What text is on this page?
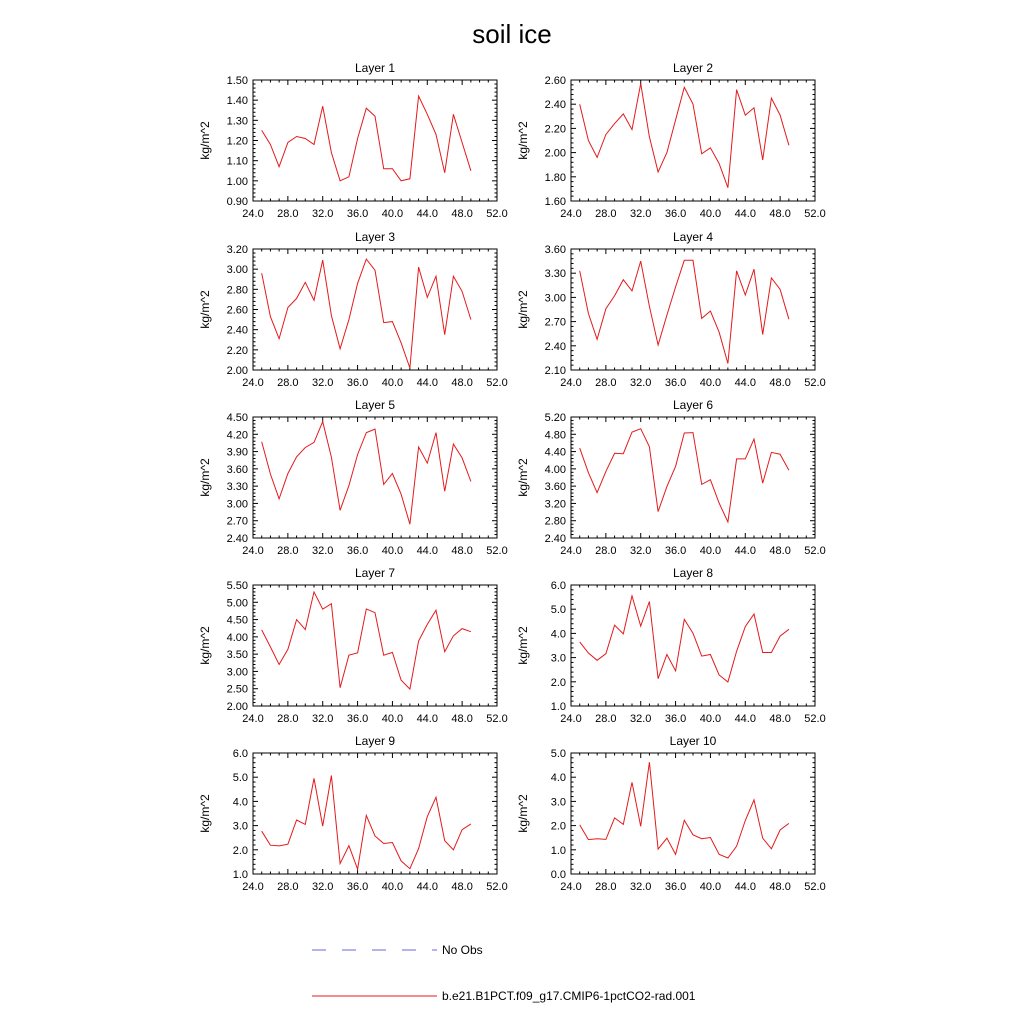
soil ice
Layer 1
24.0 28.0 32.0 36.0 40.0 44.0 48.0 52.0
0.90
1.00
1.10
1.20
1.30
1.40
1.50
kg/m^2
Layer 2
24.0 28.0 32.0 36.0 40.0 44.0 48.0 52.0
1.60
1.80
2.00
2.20
2.40
2.60
kg/m^2
Layer 3
24.0 28.0 32.0 36.0 40.0 44.0 48.0 52.0
2.00
2.20
2.40
2.60
2.80
3.00
3.20
kg/m^2
Layer 4
24.0 28.0 32.0 36.0 40.0 44.0 48.0 52.0
2.10
2.40
2.70
3.00
3.30
3.60
kg/m^2
Layer 5
24.0 28.0 32.0 36.0 40.0 44.0 48.0 52.0
2.40
2.70
3.00
3.30
3.60
3.90
4.20
4.50
kg/m^2
Layer 6
24.0 28.0 32.0 36.0 40.0 44.0 48.0 52.0
2.40
2.80
3.20
3.60
4.00
4.40
4.80
5.20
kg/m^2
Layer 7
24.0 28.0 32.0 36.0 40.0 44.0 48.0 52.0
2.00
2.50
3.00
3.50
4.00
4.50
5.00
5.50
kg/m^2
Layer 8
24.0 28.0 32.0 36.0 40.0 44.0 48.0 52.0
1.0
2.0
3.0
4.0
5.0
6.0
kg/m^2
Layer 9
24.0 28.0 32.0 36.0 40.0 44.0 48.0 52.0
1.0
2.0
3.0
4.0
5.0
6.0
kg/m^2
Layer 10
24.0 28.0 32.0 36.0 40.0 44.0 48.0 52.0
0.0
1.0
2.0
3.0
4.0
5.0
kg/m^2
No Obs
b.e21.B1PCT.f09_g17.CMIP6-1pctCO2-rad.001
